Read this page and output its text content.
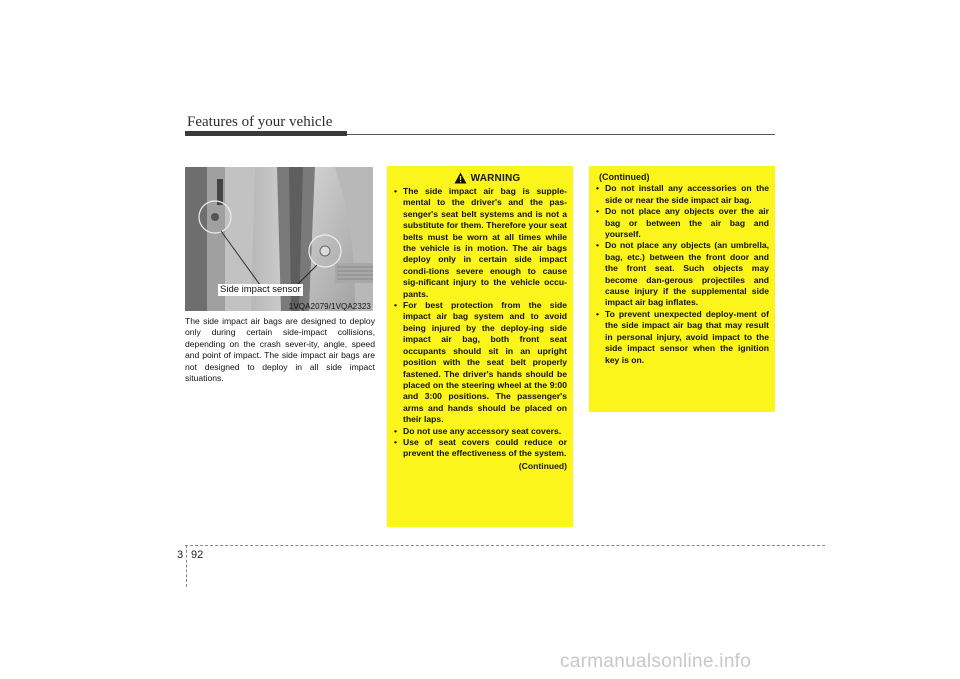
Features of your vehicle
Side impact sensor
1VQA2079/1VQA2323
The side impact air bags are designed to deploy only during certain side-impact collisions, depending on the crash sever-ity, angle, speed and point of impact. The side impact air bags are not designed to deploy in all side impact situations.
WARNING
• The side impact air bag is supple-mental to the driver's and the pas-senger's seat belt systems and is not a substitute for them. Therefore your seat belts must be worn at all times while the vehicle is in motion. The air bags deploy only in certain side impact condi-tions severe enough to cause sig-nificant injury to the vehicle occu-pants.
• For best protection from the side impact air bag system and to avoid being injured by the deploy-ing side impact air bag, both front seat occupants should sit in an upright position with the seat belt properly fastened. The driver's hands should be placed on the steering wheel at the 9:00 and 3:00 positions. The passenger's arms and hands should be placed on their laps.
• Do not use any accessory seat covers.
• Use of seat covers could reduce or prevent the effectiveness of the system.
(Continued)
(Continued)
• Do not install any accessories on the side or near the side impact air bag.
• Do not place any objects over the air bag or between the air bag and yourself.
• Do not place any objects (an umbrella, bag, etc.) between the front door and the front seat. Such objects may become dan-gerous projectiles and cause injury if the supplemental side impact air bag inflates.
• To prevent unexpected deploy-ment of the side impact air bag that may result in personal injury, avoid impact to the side impact sensor when the ignition key is on.
3 92
carmanualsonline.info
